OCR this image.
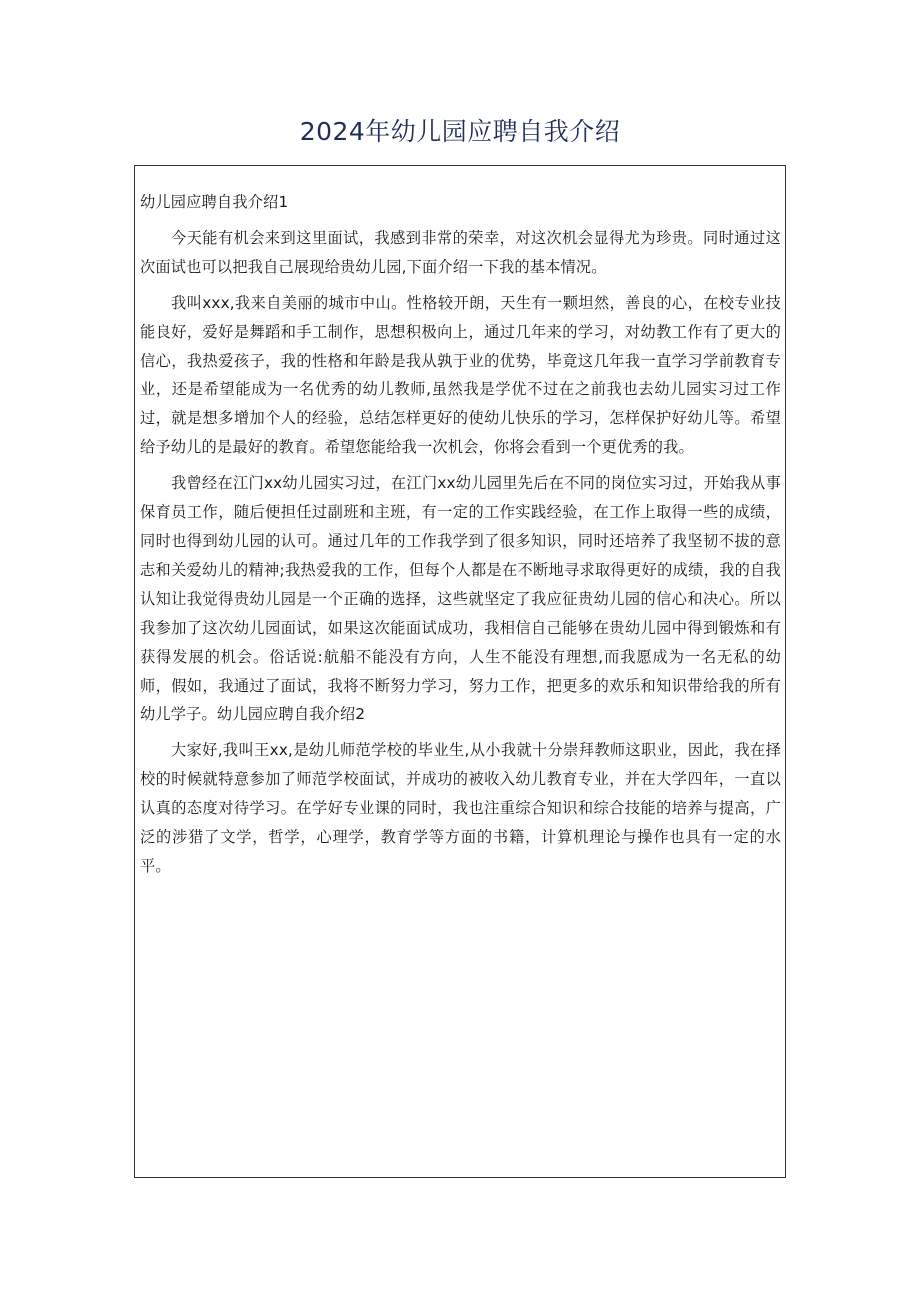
2024年幼儿园应聘自我介绍

幼儿园应聘自我介绍1

今天能有机会来到这里面试，我感到非常的荣幸，对这次机会显得尤为珍贵。同时通过这次面试也可以把我自己展现给贵幼儿园,下面介绍一下我的基本情况。

我叫xxx,我来自美丽的城市中山。性格较开朗，天生有一颗坦然，善良的心，在校专业技能良好，爱好是舞蹈和手工制作，思想积极向上，通过几年来的学习，对幼教工作有了更大的信心，我热爱孩子，我的性格和年龄是我从孰于业的优势，毕竟这几年我一直学习学前教育专业，还是希望能成为一名优秀的幼儿教师,虽然我是学优不过在之前我也去幼儿园实习过工作过，就是想多增加个人的经验，总结怎样更好的使幼儿快乐的学习，怎样保护好幼儿等。希望给予幼儿的是最好的教育。希望您能给我一次机会，你将会看到一个更优秀的我。

我曾经在江门xx幼儿园实习过，在江门xx幼儿园里先后在不同的岗位实习过，开始我从事保育员工作，随后便担任过副班和主班，有一定的工作实践经验，在工作上取得一些的成绩，同时也得到幼儿园的认可。通过几年的工作我学到了很多知识，同时还培养了我坚韧不拔的意志和关爱幼儿的精神;我热爱我的工作，但每个人都是在不断地寻求取得更好的成绩，我的自我认知让我觉得贵幼儿园是一个正确的选择，这些就坚定了我应征贵幼儿园的信心和决心。所以我参加了这次幼儿园面试，如果这次能面试成功，我相信自己能够在贵幼儿园中得到锻炼和有获得发展的机会。俗话说:航船不能没有方向，人生不能没有理想,而我愿成为一名无私的幼师，假如，我通过了面试，我将不断努力学习，努力工作，把更多的欢乐和知识带给我的所有幼儿学子。幼儿园应聘自我介绍2

大家好,我叫王xx,是幼儿师范学校的毕业生,从小我就十分崇拜教师这职业，因此，我在择校的时候就特意参加了师范学校面试，并成功的被收入幼儿教育专业，并在大学四年，一直以认真的态度对待学习。在学好专业课的同时，我也注重综合知识和综合技能的培养与提高，广泛的涉猎了文学，哲学，心理学，教育学等方面的书籍，计算机理论与操作也具有一定的水平。
